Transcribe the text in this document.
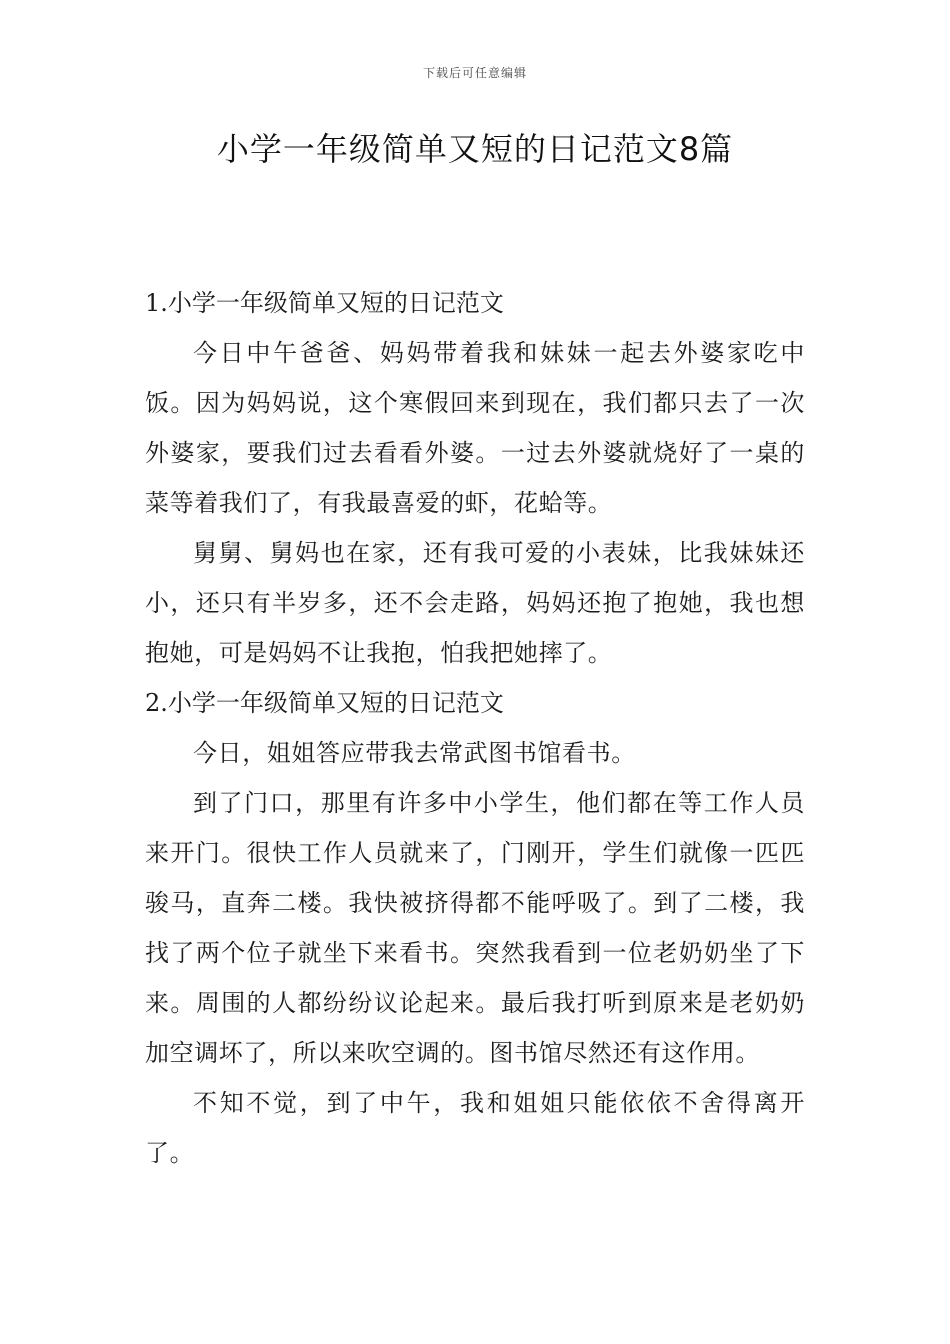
下载后可任意编辑
小学一年级简单又短的日记范文8篇

1.小学一年级简单又短的日记范文

今日中午爸爸、妈妈带着我和妹妹一起去外婆家吃中饭。因为妈妈说，这个寒假回来到现在，我们都只去了一次外婆家，要我们过去看看外婆。一过去外婆就烧好了一桌的菜等着我们了，有我最喜爱的虾，花蛤等。

舅舅、舅妈也在家，还有我可爱的小表妹，比我妹妹还小，还只有半岁多，还不会走路，妈妈还抱了抱她，我也想抱她，可是妈妈不让我抱，怕我把她摔了。

2.小学一年级简单又短的日记范文

今日，姐姐答应带我去常武图书馆看书。

到了门口，那里有许多中小学生，他们都在等工作人员来开门。很快工作人员就来了，门刚开，学生们就像一匹匹骏马，直奔二楼。我快被挤得都不能呼吸了。到了二楼，我找了两个位子就坐下来看书。突然我看到一位老奶奶坐了下来。周围的人都纷纷议论起来。最后我打听到原来是老奶奶加空调坏了，所以来吹空调的。图书馆尽然还有这作用。

不知不觉，到了中午，我和姐姐只能依依不舍得离开了。
